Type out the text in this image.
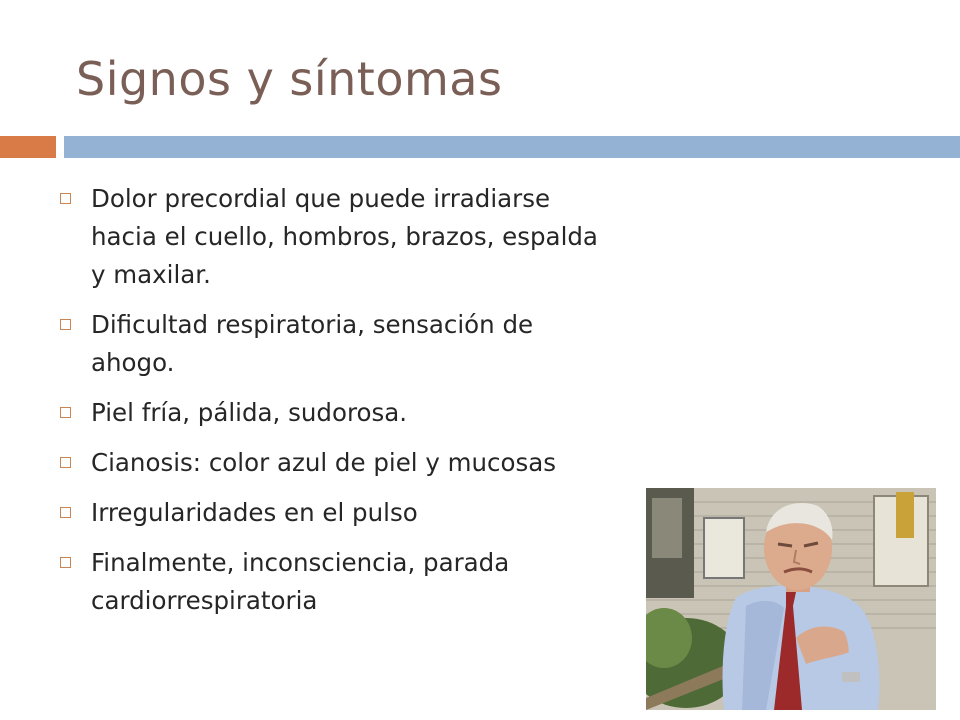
Signos y síntomas
Dolor precordial que puede irradiarse hacia el cuello, hombros, brazos, espalda y maxilar.
Dificultad respiratoria, sensación de ahogo.
Piel fría, pálida, sudorosa.
Cianosis: color azul de piel y mucosas
Irregularidades en el pulso
Finalmente, inconsciencia, parada cardiorrespiratoria
